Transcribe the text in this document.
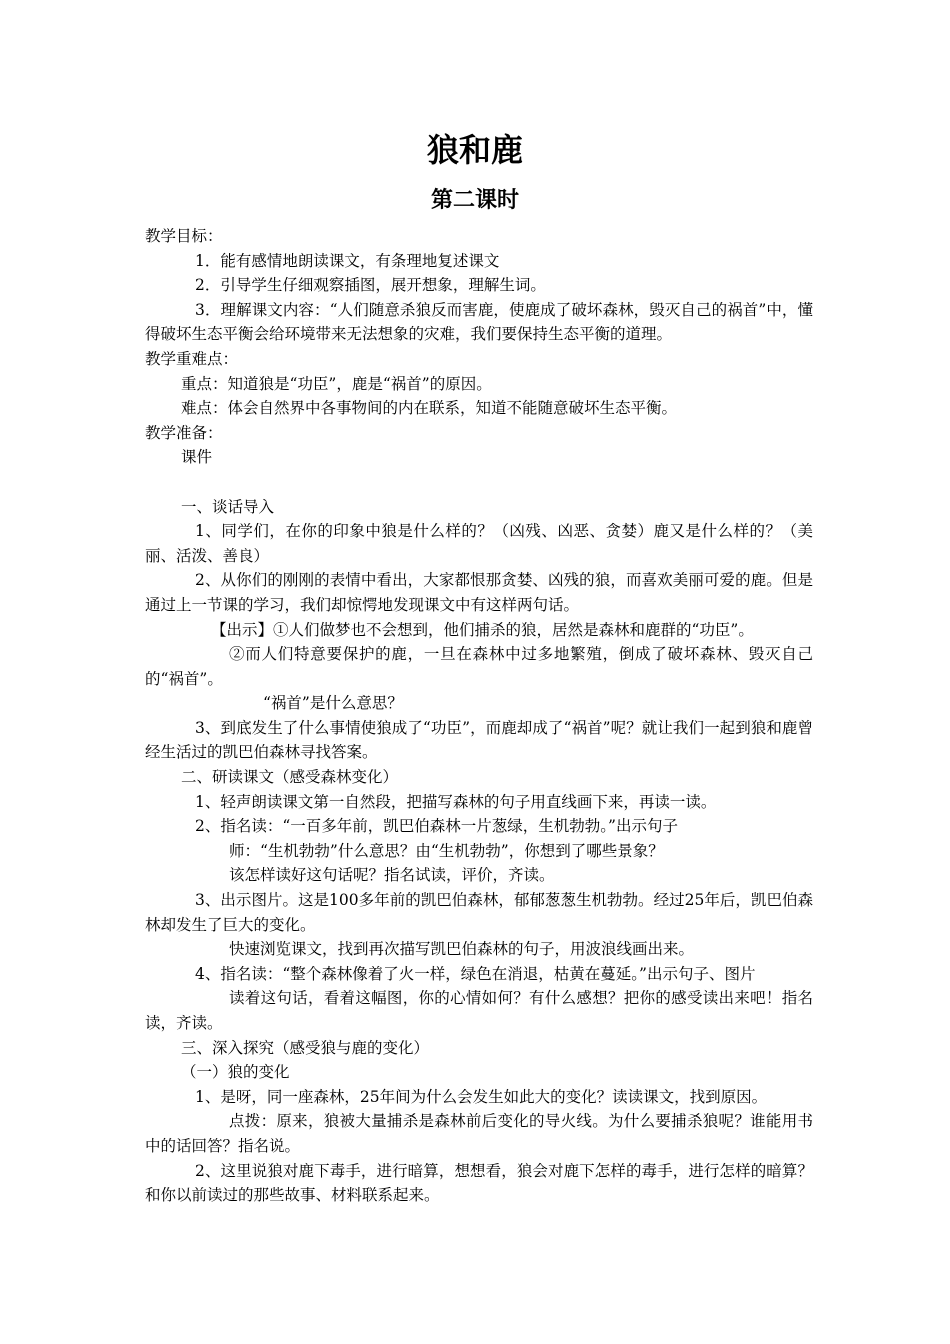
狼和鹿
第二课时

教学目标：

1．能有感情地朗读课文，有条理地复述课文

2．引导学生仔细观察插图，展开想象，理解生词。

3．理解课文内容：“人们随意杀狼反而害鹿，使鹿成了破坏森林，毁灭自己的祸首”中，懂得破坏生态平衡会给环境带来无法想象的灾难，我们要保持生态平衡的道理。

教学重难点：

重点：知道狼是“功臣”，鹿是“祸首”的原因。

难点：体会自然界中各事物间的内在联系，知道不能随意破坏生态平衡。

教学准备：

课件

一、谈话导入

1、同学们，在你的印象中狼是什么样的？（凶残、凶恶、贪婪）鹿又是什么样的？（美丽、活泼、善良）

2、从你们的刚刚的表情中看出，大家都恨那贪婪、凶残的狼，而喜欢美丽可爱的鹿。但是通过上一节课的学习，我们却惊愕地发现课文中有这样两句话。

【出示】①人们做梦也不会想到，他们捕杀的狼，居然是森林和鹿群的“功臣”。

②而人们特意要保护的鹿，一旦在森林中过多地繁殖，倒成了破坏森林、毁灭自己的“祸首”。

“祸首”是什么意思？

3、到底发生了什么事情使狼成了“功臣”，而鹿却成了“祸首”呢？就让我们一起到狼和鹿曾经生活过的凯巴伯森林寻找答案。

二、研读课文（感受森林变化）

1、轻声朗读课文第一自然段，把描写森林的句子用直线画下来，再读一读。

2、指名读：“一百多年前，凯巴伯森林一片葱绿，生机勃勃。”出示句子

师：“生机勃勃”什么意思？由“生机勃勃”，你想到了哪些景象？

该怎样读好这句话呢？指名试读，评价，齐读。

3、出示图片。这是100多年前的凯巴伯森林，郁郁葱葱生机勃勃。经过25年后，凯巴伯森林却发生了巨大的变化。

快速浏览课文，找到再次描写凯巴伯森林的句子，用波浪线画出来。

4、指名读：“整个森林像着了火一样，绿色在消退，枯黄在蔓延。”出示句子、图片

读着这句话，看着这幅图，你的心情如何？有什么感想？把你的感受读出来吧！指名读，齐读。

三、深入探究（感受狼与鹿的变化）

（一）狼的变化

1、是呀，同一座森林，25年间为什么会发生如此大的变化？读读课文，找到原因。

点拨：原来，狼被大量捕杀是森林前后变化的导火线。为什么要捕杀狼呢？谁能用书中的话回答？指名说。

2、这里说狼对鹿下毒手，进行暗算，想想看，狼会对鹿下怎样的毒手，进行怎样的暗算？和你以前读过的那些故事、材料联系起来。
